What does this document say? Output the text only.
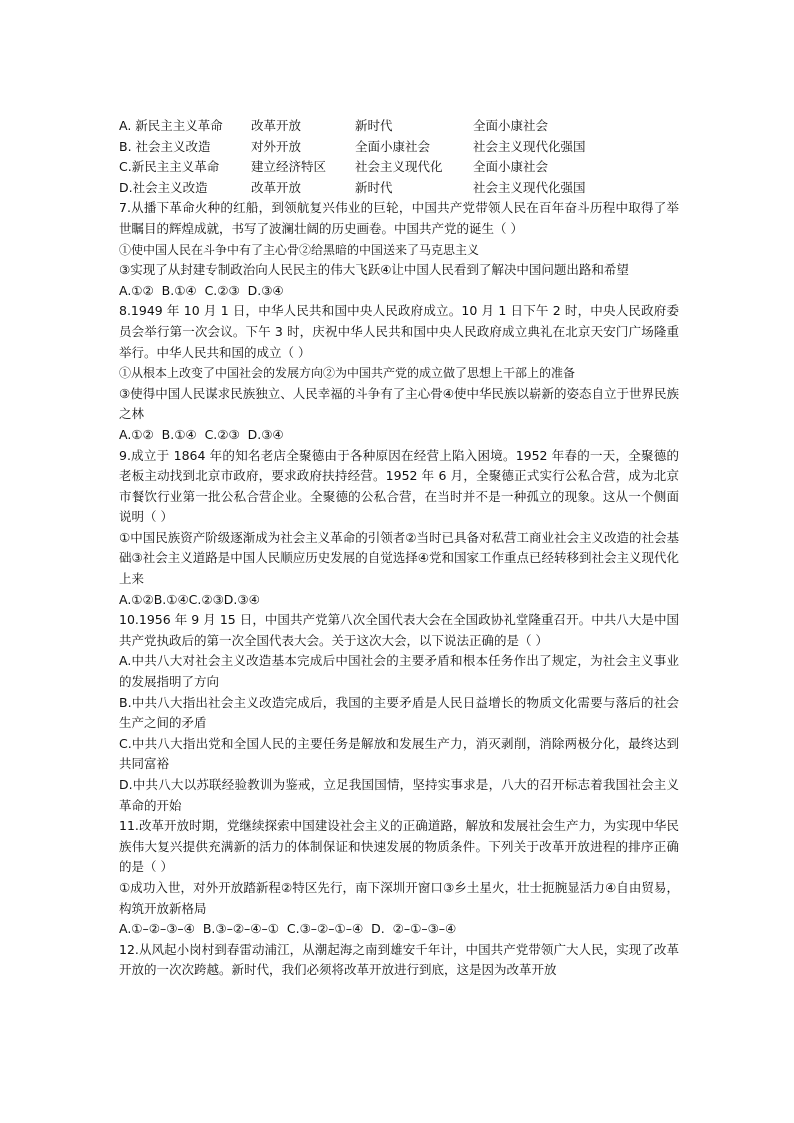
A. 新民主主义革命	改革开放	新时代	全面小康社会
B. 社会主义改造	对外开放	全面小康社会	社会主义现代化强国
C.新民主主义革命	建立经济特区	社会主义现代化	全面小康社会
D.社会主义改造	改革开放	新时代	社会主义现代化强国
7.从播下革命火种的红船，到领航复兴伟业的巨轮，中国共产党带领人民在百年奋斗历程中取得了举世瞩目的辉煌成就，书写了波澜壮阔的历史画卷。中国共产党的诞生（ ）
①使中国人民在斗争中有了主心骨②给黑暗的中国送来了马克思主义
③实现了从封建专制政治向人民民主的伟大飞跃④让中国人民看到了解决中国问题出路和希望
A.①②  B.①④  C.②③  D.③④
8.1949 年 10 月 1 日，中华人民共和国中央人民政府成立。10 月 1 日下午 2 时，中央人民政府委员会举行第一次会议。下午 3 时，庆祝中华人民共和国中央人民政府成立典礼在北京天安门广场隆重举行。中华人民共和国的成立（ ）
①从根本上改变了中国社会的发展方向②为中国共产党的成立做了思想上干部上的准备
③使得中国人民谋求民族独立、人民幸福的斗争有了主心骨④使中华民族以崭新的姿态自立于世界民族之林
A.①②  B.①④  C.②③  D.③④
9.成立于 1864 年的知名老店全聚德由于各种原因在经营上陷入困境。1952 年春的一天，全聚德的老板主动找到北京市政府，要求政府扶持经营。1952 年 6 月，全聚德正式实行公私合营，成为北京市餐饮行业第一批公私合营企业。全聚德的公私合营，在当时并不是一种孤立的现象。这从一个侧面说明（ ）
①中国民族资产阶级逐渐成为社会主义革命的引领者②当时已具备对私营工商业社会主义改造的社会基础③社会主义道路是中国人民顺应历史发展的自觉选择④党和国家工作重点已经转移到社会主义现代化上来
A.①②B.①④C.②③D.③④
10.1956 年 9 月 15 日，中国共产党第八次全国代表大会在全国政协礼堂隆重召开。中共八大是中国共产党执政后的第一次全国代表大会。关于这次大会，以下说法正确的是（ ）
A.中共八大对社会主义改造基本完成后中国社会的主要矛盾和根本任务作出了规定，为社会主义事业的发展指明了方向
B.中共八大指出社会主义改造完成后，我国的主要矛盾是人民日益增长的物质文化需要与落后的社会生产之间的矛盾
C.中共八大指出党和全国人民的主要任务是解放和发展生产力，消灭剥削，消除两极分化，最终达到共同富裕
D.中共八大以苏联经验教训为鉴戒，立足我国国情，坚持实事求是，八大的召开标志着我国社会主义革命的开始
11.改革开放时期，党继续探索中国建设社会主义的正确道路，解放和发展社会生产力，为实现中华民族伟大复兴提供充满新的活力的体制保证和快速发展的物质条件。下列关于改革开放进程的排序正确的是（ ）
①成功入世，对外开放踏新程②特区先行，南下深圳开窗口③乡土星火，壮士扼腕显活力④自由贸易，构筑开放新格局
A.①–②–③–④  B.③–②–④–①  C.③–②–①–④  D.  ②–①–③–④
12.从风起小岗村到春雷动浦江，从潮起海之南到雄安千年计，中国共产党带领广大人民，实现了改革开放的一次次跨越。新时代，我们必须将改革开放进行到底，这是因为改革开放
